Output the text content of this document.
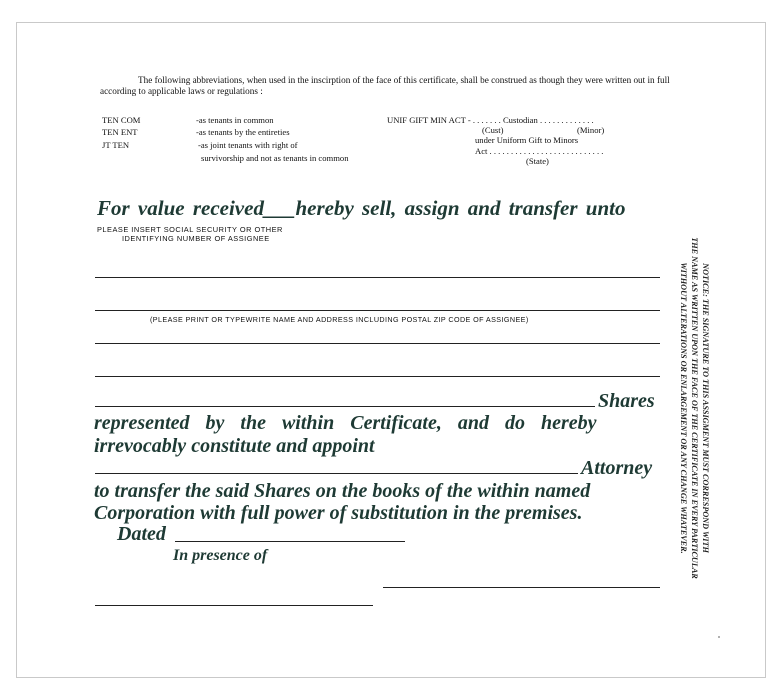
The following abbreviations, when used in the inscirption of the face of this certificate, shall be construed as though they were written out in full according to applicable laws or regulations :
TEN COM	-as tenants in common
TEN ENT	-as tenants by the entireties
JT TEN	-as joint tenants with right of
survivorship and not as tenants in common
UNIF GIFT MIN ACT - . . . . . . . Custodian . . . . . . . . . . . . .
(Cust)	(Minor)
under Uniform Gift to Minors
Act . . . . . . . . . . . . . . . . . . . . . . . . . . .
(State)
For value received___hereby sell, assign and transfer unto
PLEASE INSERT SOCIAL SECURITY OR OTHER
IDENTIFYING NUMBER OF ASSIGNEE
(PLEASE PRINT OR TYPEWRITE NAME AND ADDRESS INCLUDING POSTAL ZIP CODE OF ASSIGNEE)
Shares
represented by the within Certificate, and do hereby
irrevocably constitute and appoint
Attorney
to transfer the said Shares on the books of the within named
Corporation with full power of substitution in the premises.
Dated
In presence of
NOTICE: THE SIGNATURE TO THIS ASSIGMENT MUST CORRESPOND WITH
THE NAME AS WRITTEN UPON THE FACE OF THE CERTIFICATE IN EVERY PARTICULAR
WITHOUT ALTERATIONS OR ENLARGEMENT OR ANY CHANGE WHATEVER.
